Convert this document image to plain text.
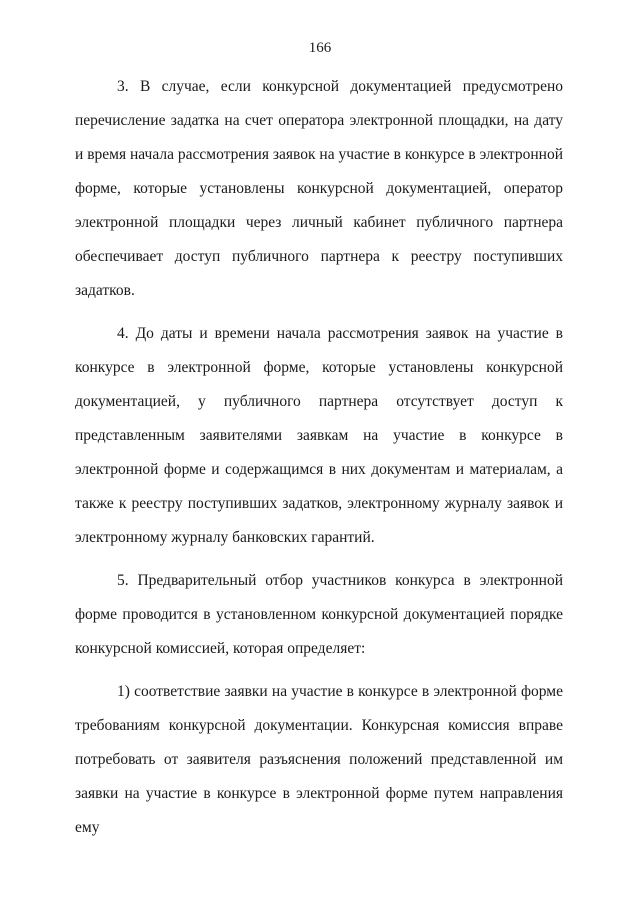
166

3. В случае, если конкурсной документацией предусмотрено перечисление задатка на счет оператора электронной площадки, на дату и время начала рассмотрения заявок на участие в конкурсе в электронной форме, которые установлены конкурсной документацией, оператор электронной площадки через личный кабинет публичного партнера обеспечивает доступ публичного партнера к реестру поступивших задатков.

4. До даты и времени начала рассмотрения заявок на участие в конкурсе в электронной форме, которые установлены конкурсной документацией, у публичного партнера отсутствует доступ к представленным заявителями заявкам на участие в конкурсе в электронной форме и содержащимся в них документам и материалам, а также к реестру поступивших задатков, электронному журналу заявок и электронному журналу банковских гарантий.

5. Предварительный отбор участников конкурса в электронной форме проводится в установленном конкурсной документацией порядке конкурсной комиссией, которая определяет:

1) соответствие заявки на участие в конкурсе в электронной форме требованиям конкурсной документации. Конкурсная комиссия вправе потребовать от заявителя разъяснения положений представленной им заявки на участие в конкурсе в электронной форме путем направления ему
